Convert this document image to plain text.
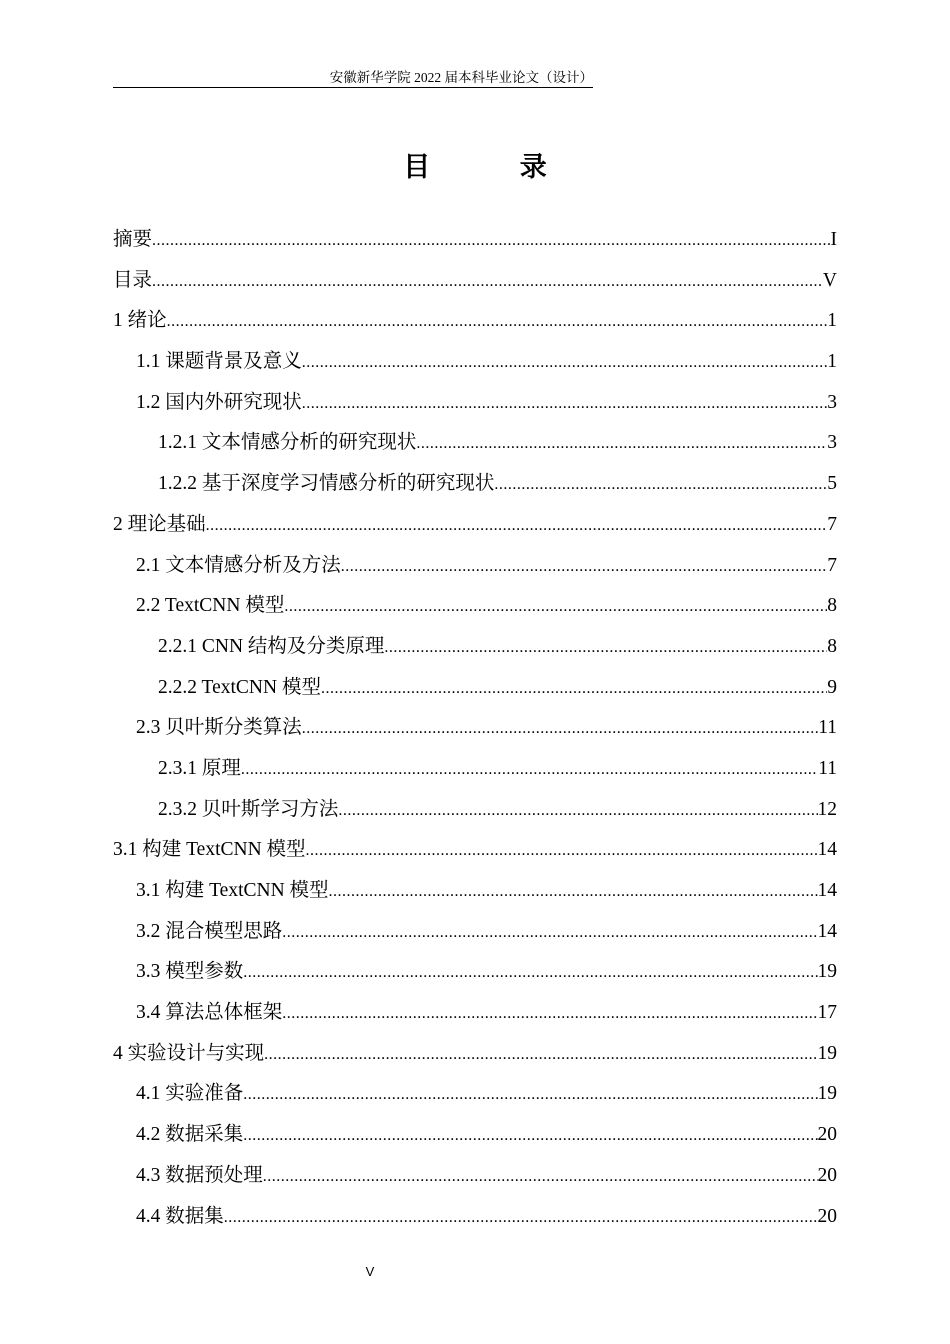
安徽新华学院 2022 届本科毕业论文（设计）
目 录
摘要 .....	I
目录 .....	V
1 绪论 .....	1
1.1 课题背景及意义 .....	1
1.2 国内外研究现状 .....	3
1.2.1 文本情感分析的研究现状 .....	3
1.2.2 基于深度学习情感分析的研究现状 .....	5
2 理论基础 .....	7
2.1 文本情感分析及方法 .....	7
2.2 TextCNN 模型 .....	8
2.2.1 CNN 结构及分类原理 .....	8
2.2.2 TextCNN 模型 .....	9
2.3 贝叶斯分类算法 .....	11
2.3.1 原理 .....	11
2.3.2 贝叶斯学习方法 .....	12
3.1 构建 TextCNN 模型 .....	14
3.1 构建 TextCNN 模型 .....	14
3.2 混合模型思路 .....	14
3.3 模型参数 .....	19
3.4 算法总体框架 .....	17
4 实验设计与实现 .....	19
4.1 实验准备 .....	19
4.2 数据采集 .....	20
4.3 数据预处理 .....	20
4.4 数据集 .....	20
V
